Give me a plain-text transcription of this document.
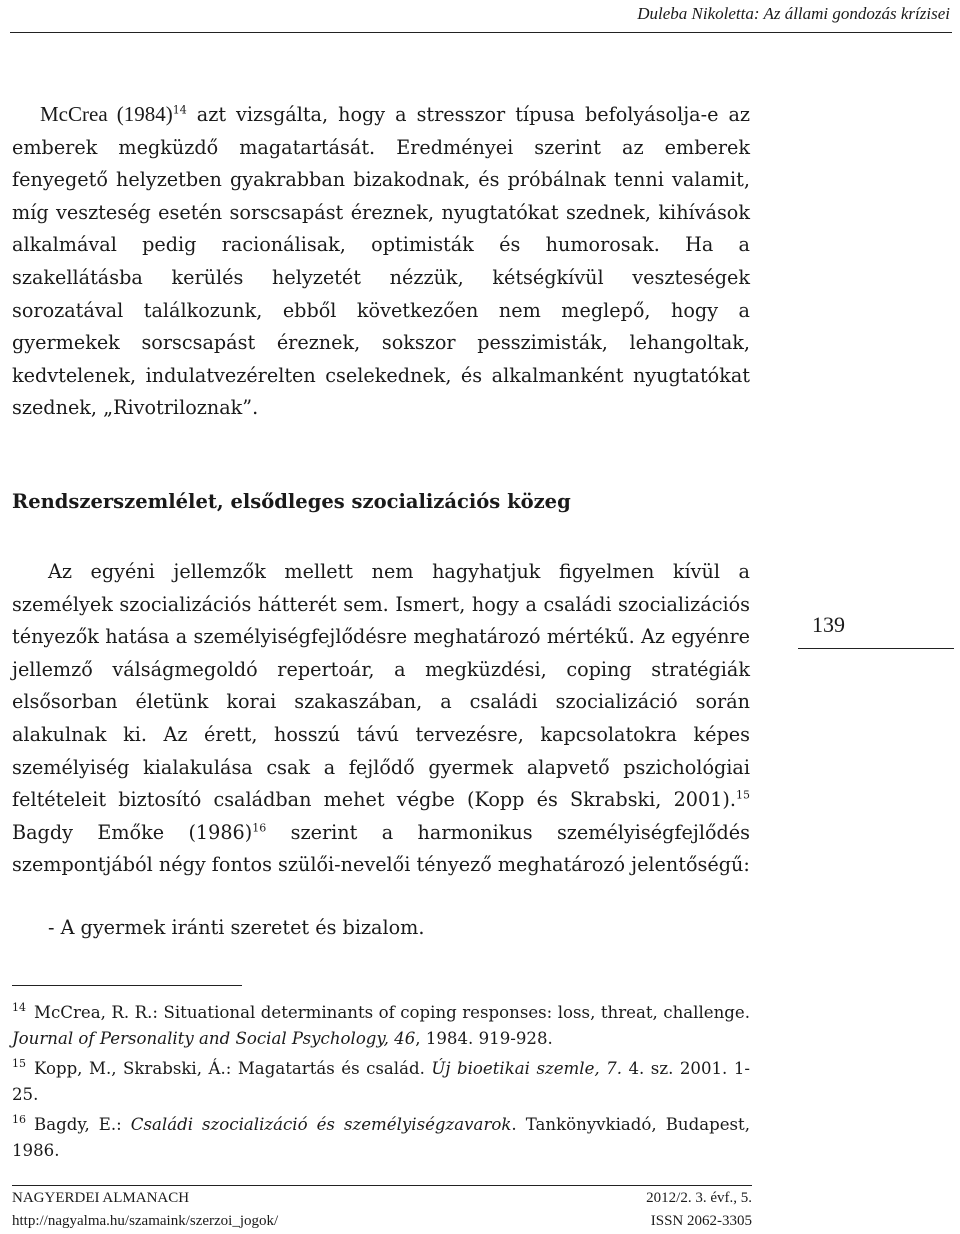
Duleba Nikoletta: Az állami gondozás krízisei

McCrea $(1984)^{14}$ azt vizsgálta, hogy a stresszor típusa befolyásolja-e az emberek megküzdő magatartását. Eredményei szerint az emberek fenyegető helyzetben gyakrabban bizakodnak, és próbálnak tenni valamit, míg veszteség esetén sorscsapást éreznek, nyugtatókat szednek, kihívások alkalmával pedig racionálisak, optimisták és humorosak. Ha a szakellátásba kerülés helyzetét nézzük, kétségkívül veszteségek sorozatával találkozunk, ebből következően nem meglepő, hogy a gyermekek sorscsapást éreznek, sokszor pesszimisták, lehangoltak, kedvtelenek, indulatvezérelten cselekednek, és alkalmanként nyugtatókat szednek, „Rivotriloznak”.

Rendszerszemlélet, elsődleges szocializációs közeg

Az egyéni jellemzők mellett nem hagyhatjuk figyelmen kívül a személyek szocializációs hátterét sem. Ismert, hogy a családi szocializációs tényezők hatása a személyiségfejlődésre meghatározó mértékű. Az egyénre jellemző válságmegoldó repertoár, a megküzdési, coping stratégiák elsősorban életünk korai szakaszában, a családi szocializáció során alakulnak ki. Az érett, hosszú távú tervezésre, kapcsolatokra képes személyiség kialakulása csak a fejlődő gyermek alapvető pszichológiai feltételeit biztosító családban mehet végbe (Kopp és Skrabski, 2001).$^{15}$ Bagdy Emőke $(1986)^{16}$ szerint a harmonikus személyiségfejlődés szempontjából négy fontos szülői-nevelői tényező meghatározó jelentőségű:

- A gyermek iránti szeretet és bizalom.

139

$^{14}$ McCrea, R. R.: Situational determinants of coping responses: loss, threat, challenge. Journal of Personality and Social Psychology, 46, 1984. 919-928.

$^{15}$ Kopp, M., Skrabski, Á.: Magatartás és család. Új bioetikai szemle, 7. 4. sz. 2001. 1-25.

$^{16}$ Bagdy, E.: Családi szocializáció és személyiségzavarok. Tankönyvkiadó, Budapest, 1986.

NAGYERDEI ALMANACH	2012/2. 3. évf., 5.
http://nagyalma.hu/szamaink/szerzoi_jogok/	ISSN 2062-3305
